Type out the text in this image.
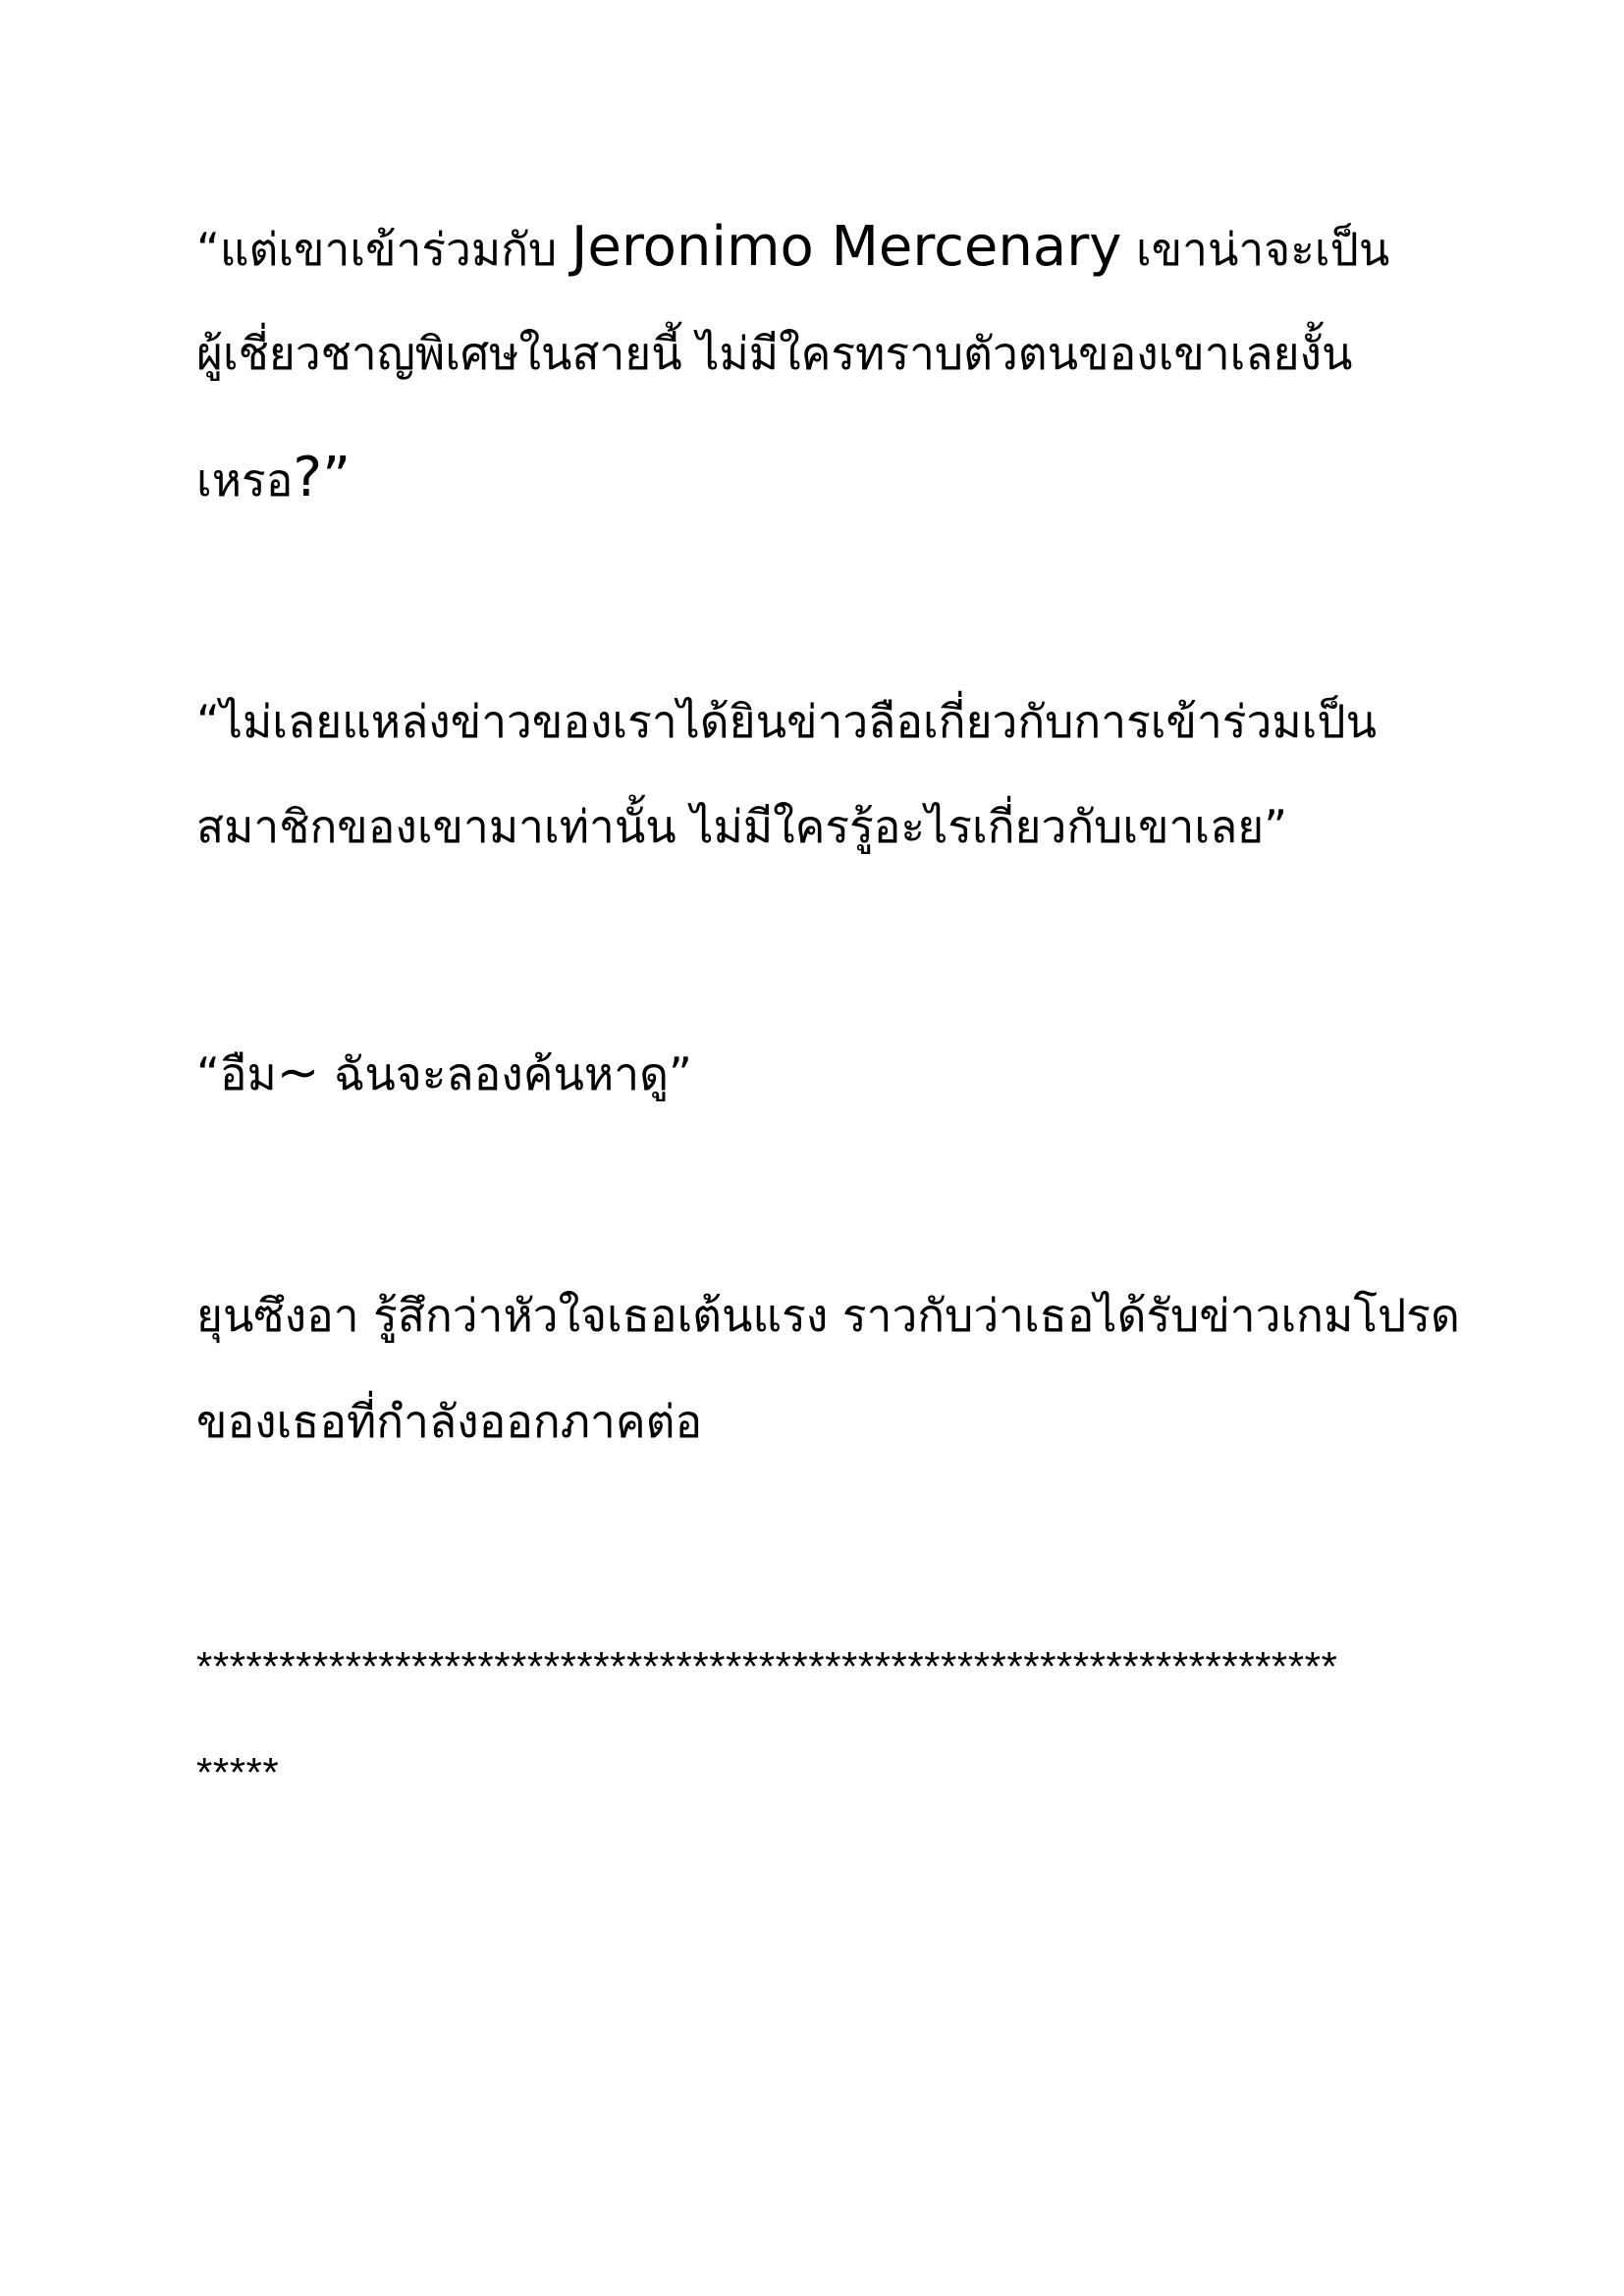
“แต่เขาเข้าร่วมกับ Jeronimo Mercenary เขาน่าจะเป็น
ผู้เชี่ยวชาญพิเศษในสายนี้ ไม่มีใครทราบตัวตนของเขาเลยงั้น
เหรอ?”
“ไม่เลยแหล่งข่าวของเราได้ยินข่าวลือเกี่ยวกับการเข้าร่วมเป็น
สมาชิกของเขามาเท่านั้น ไม่มีใครรู้อะไรเกี่ยวกับเขาเลย”
“อืม~ ฉันจะลองค้นหาดู”
ยุนซึงอา รู้สึกว่าหัวใจเธอเต้นแรง ราวกับว่าเธอได้รับข่าวเกมโปรด
ของเธอที่กำลังออกภาคต่อ
*********************************************************************
*****
